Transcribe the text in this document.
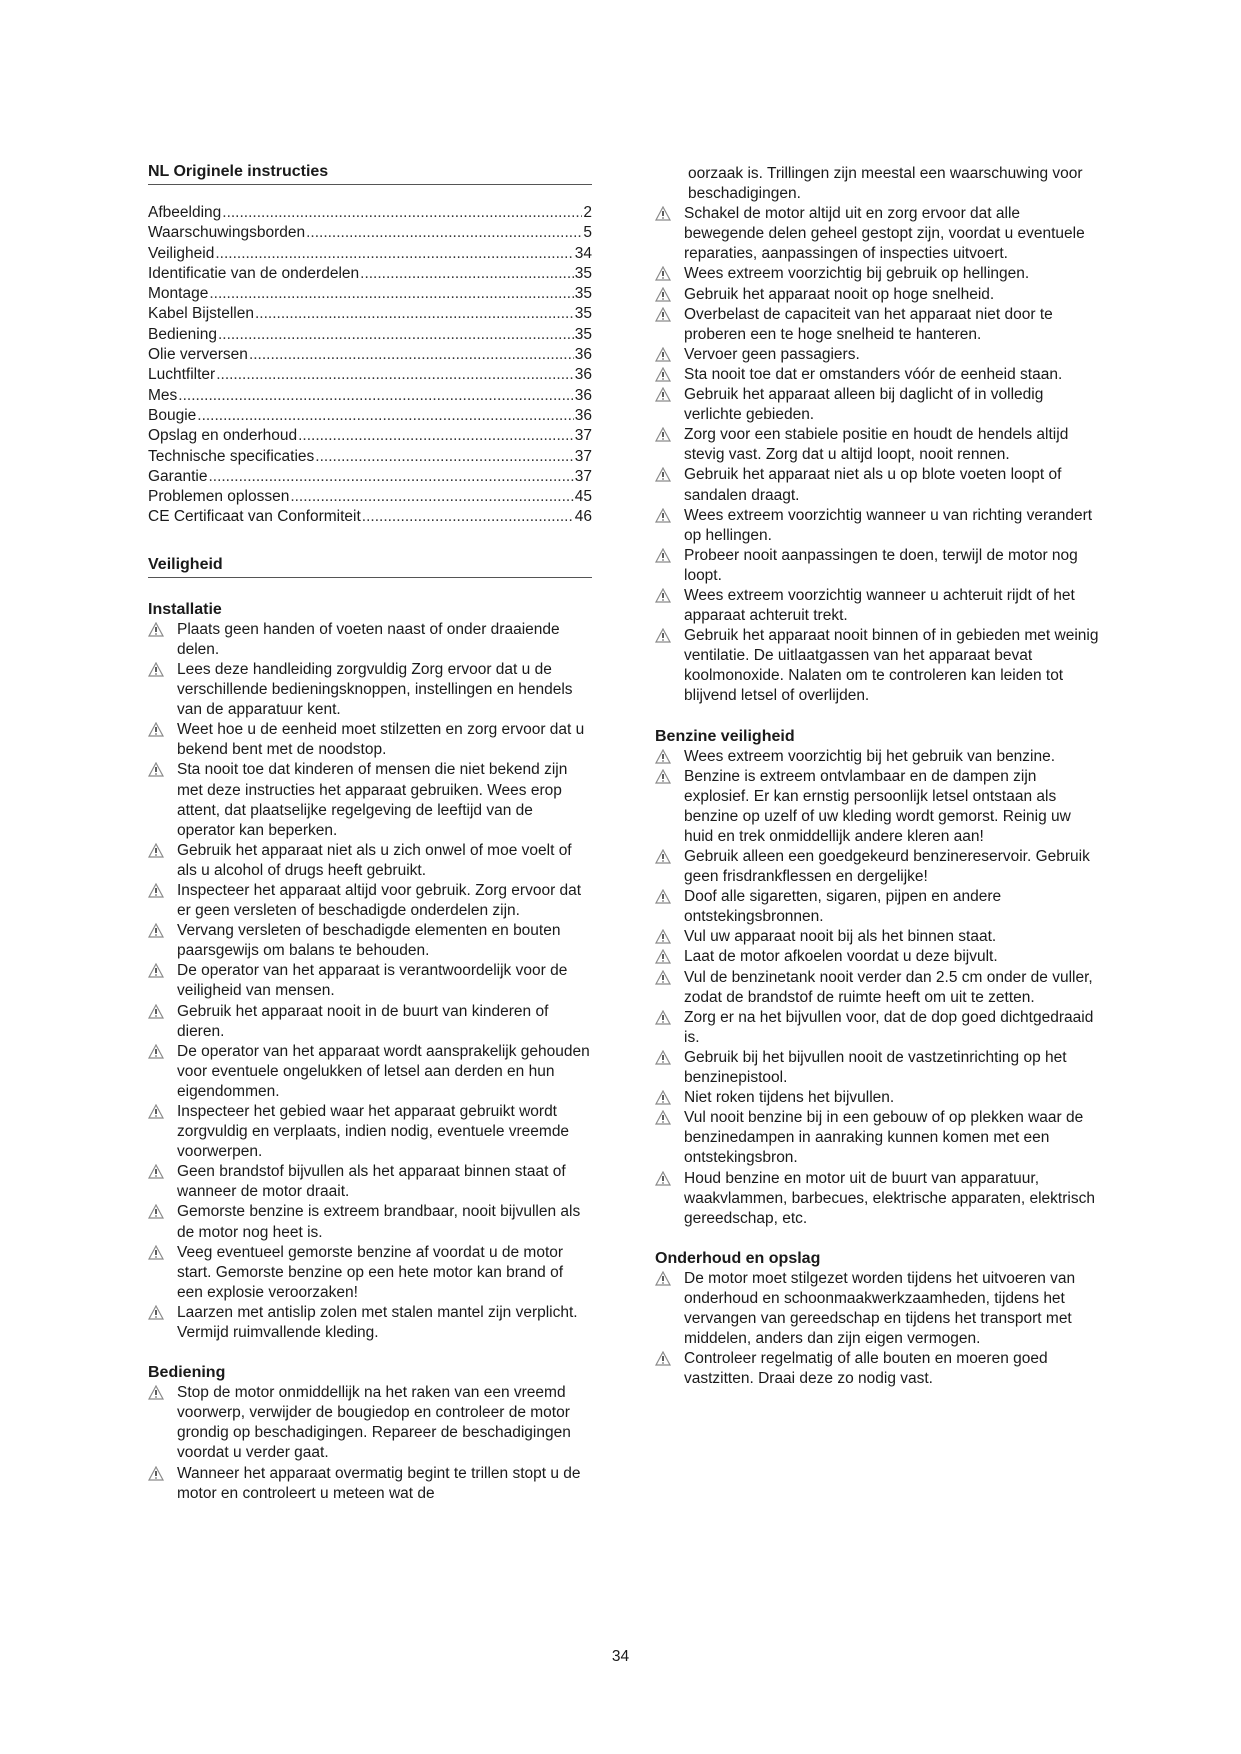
NL Originele instructies
Afbeelding .....	2
Waarschuwingsborden .....	5
Veiligheid .....	34
Identificatie van de onderdelen .....	35
Montage .....	35
Kabel Bijstellen .....	35
Bediening .....	35
Olie verversen .....	36
Luchtfilter .....	36
Mes .....	36
Bougie .....	36
Opslag en onderhoud .....	37
Technische specificaties .....	37
Garantie .....	37
Problemen oplossen .....	45
CE Certificaat van Conformiteit .....	46
Veiligheid
Installatie
Plaats geen handen of voeten naast of onder draaiende delen.
Lees deze handleiding zorgvuldig Zorg ervoor dat u de verschillende bedieningsknoppen, instellingen en hendels van de apparatuur kent.
Weet hoe u de eenheid moet stilzetten en zorg ervoor dat u bekend bent met de noodstop.
Sta nooit toe dat kinderen of mensen die niet bekend zijn met deze instructies het apparaat gebruiken. Wees erop attent, dat plaatselijke regelgeving de leeftijd van de operator kan beperken.
Gebruik het apparaat niet als u zich onwel of moe voelt of als u alcohol of drugs heeft gebruikt.
Inspecteer het apparaat altijd voor gebruik. Zorg ervoor dat er geen versleten of beschadigde onderdelen zijn.
Vervang versleten of beschadigde elementen en bouten paarsgewijs om balans te behouden.
De operator van het apparaat is verantwoordelijk voor de veiligheid van mensen.
Gebruik het apparaat nooit in de buurt van kinderen of dieren.
De operator van het apparaat wordt aansprakelijk gehouden voor eventuele ongelukken of letsel aan derden en hun eigendommen.
Inspecteer het gebied waar het apparaat gebruikt wordt zorgvuldig en verplaats, indien nodig, eventuele vreemde voorwerpen.
Geen brandstof bijvullen als het apparaat binnen staat of wanneer de motor draait.
Gemorste benzine is extreem brandbaar, nooit bijvullen als de motor nog heet is.
Veeg eventueel gemorste benzine af voordat u de motor start. Gemorste benzine op een hete motor kan brand of een explosie veroorzaken!
Laarzen met antislip zolen met stalen mantel zijn verplicht. Vermijd ruimvallende kleding.
Bediening
Stop de motor onmiddellijk na het raken van een vreemd voorwerp, verwijder de bougiedop en controleer de motor grondig op beschadigingen. Repareer de beschadigingen voordat u verder gaat.
Wanneer het apparaat overmatig begint te trillen stopt u de motor en controleert u meteen wat de
oorzaak is. Trillingen zijn meestal een waarschuwing voor beschadigingen.
Schakel de motor altijd uit en zorg ervoor dat alle bewegende delen geheel gestopt zijn, voordat u eventuele reparaties, aanpassingen of inspecties uitvoert.
Wees extreem voorzichtig bij gebruik op hellingen.
Gebruik het apparaat nooit op hoge snelheid.
Overbelast de capaciteit van het apparaat niet door te proberen een te hoge snelheid te hanteren.
Vervoer geen passagiers.
Sta nooit toe dat er omstanders vóór de eenheid staan.
Gebruik het apparaat alleen bij daglicht of in volledig verlichte gebieden.
Zorg voor een stabiele positie en houdt de hendels altijd stevig vast. Zorg dat u altijd loopt, nooit rennen.
Gebruik het apparaat niet als u op blote voeten loopt of sandalen draagt.
Wees extreem voorzichtig wanneer u van richting verandert op hellingen.
Probeer nooit aanpassingen te doen, terwijl de motor nog loopt.
Wees extreem voorzichtig wanneer u achteruit rijdt of het apparaat achteruit trekt.
Gebruik het apparaat nooit binnen of in gebieden met weinig ventilatie. De uitlaatgassen van het apparaat bevat koolmonoxide. Nalaten om te controleren kan leiden tot blijvend letsel of overlijden.
Benzine veiligheid
Wees extreem voorzichtig bij het gebruik van benzine.
Benzine is extreem ontvlambaar en de dampen zijn explosief. Er kan ernstig persoonlijk letsel ontstaan als benzine op uzelf of uw kleding wordt gemorst. Reinig uw huid en trek onmiddellijk andere kleren aan!
Gebruik alleen een goedgekeurd benzinereservoir. Gebruik geen frisdrankflessen en dergelijke!
Doof alle sigaretten, sigaren, pijpen en andere ontstekingsbronnen.
Vul uw apparaat nooit bij als het binnen staat.
Laat de motor afkoelen voordat u deze bijvult.
Vul de benzinetank nooit verder dan 2.5 cm onder de vuller, zodat de brandstof de ruimte heeft om uit te zetten.
Zorg er na het bijvullen voor, dat de dop goed dichtgedraaid is.
Gebruik bij het bijvullen nooit de vastzetinrichting op het benzinepistool.
Niet roken tijdens het bijvullen.
Vul nooit benzine bij in een gebouw of op plekken waar de benzinedampen in aanraking kunnen komen met een ontstekingsbron.
Houd benzine en motor uit de buurt van apparatuur, waakvlammen, barbecues, elektrische apparaten, elektrisch gereedschap, etc.
Onderhoud en opslag
De motor moet stilgezet worden tijdens het uitvoeren van onderhoud en schoonmaakwerkzaamheden, tijdens het vervangen van gereedschap en tijdens het transport met middelen, anders dan zijn eigen vermogen.
Controleer regelmatig of alle bouten en moeren goed vastzitten. Draai deze zo nodig vast.
34
